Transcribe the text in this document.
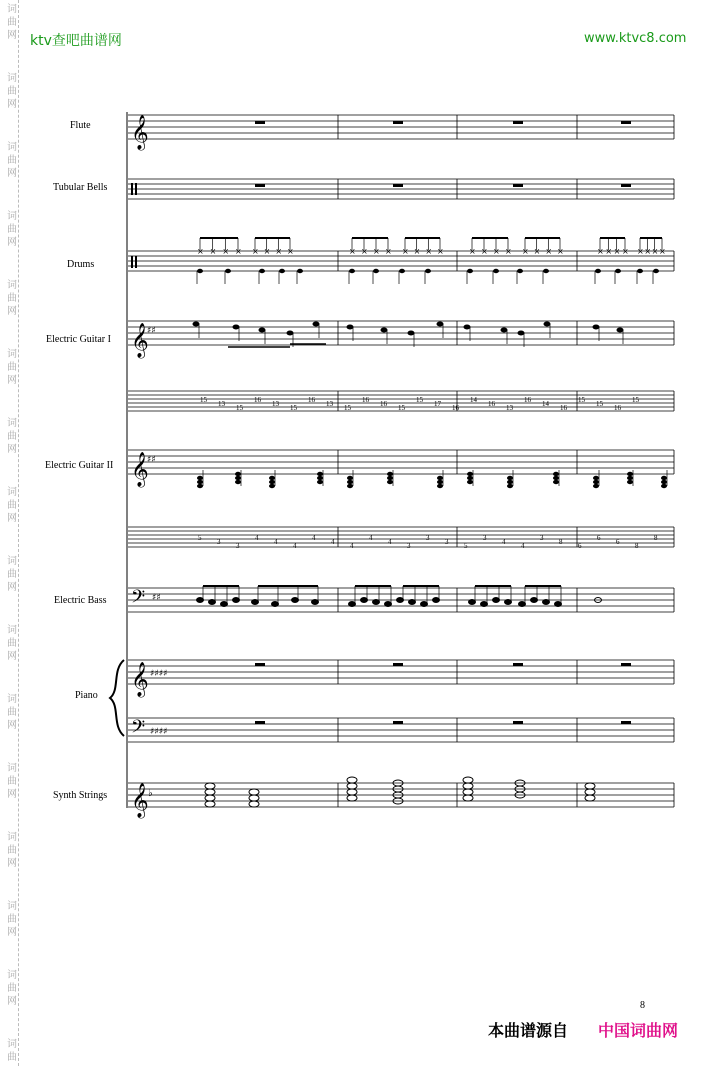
词
曲
网
词
曲
网
词
曲
网
词
曲
网
词
曲
网
词
曲
网
词
曲
网
词
曲
网
词
曲
网
词
曲
网
词
曲
网
词
曲
网
词
曲
网
词
曲
网
词
曲
网
词
曲
ktv查吧曲谱网	www.ktvc8.com
Flute
Tubular Bells
Drums
Electric Guitar I
Electric Guitar II
Electric Bass
Piano
Synth Strings
𝄞
× × × × × × × ×	× × × × × × × ×	× × × × × × × ×	× × × × × × × ×
𝄞
♯♯
15 13 15
16 13 15
16 13 15
16 16 15
15 17 16
14 16 13
16 14 16
15 15 16
15
𝄞
♯♯
5 3 3
4 4 4
4 4 4
4 4 3
3 3 5
3 4 4
3 8 6
6 6 8
8
𝄢 ♯♯
𝄞
𝄢
♯♯♯♯
♯♯♯♯
𝄞 ♭
8
本曲谱源自 中国词曲网
